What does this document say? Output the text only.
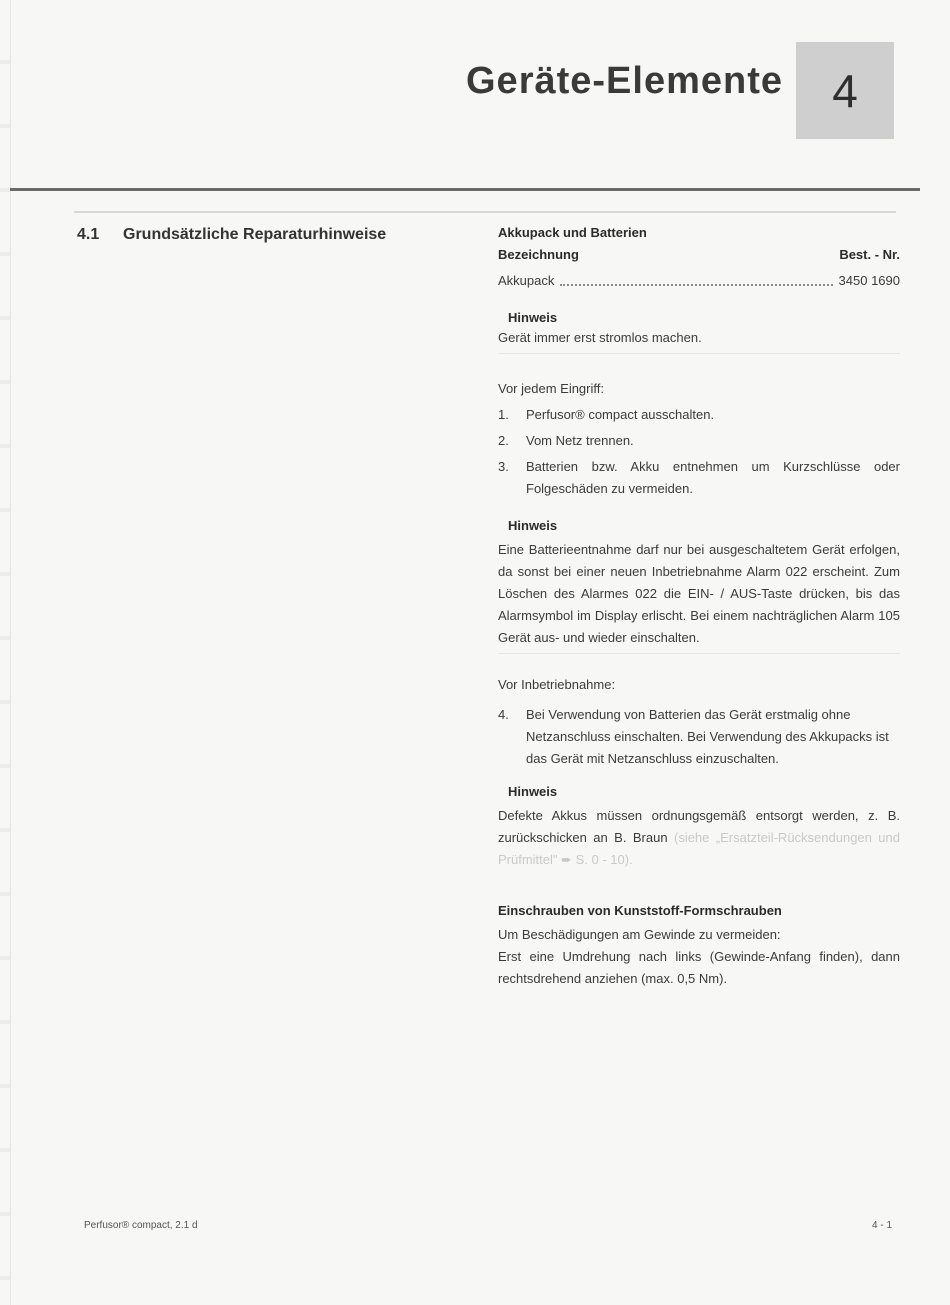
Geräte-Elemente	4
4.1 Grundsätzliche Reparaturhinweise	Akkupack und Batterien
Bezeichnung	Best. - Nr.
Akkupack	3450 1690
Hinweis
Gerät immer erst stromlos machen.
Vor jedem Eingriff:
1.	Perfusor® compact ausschalten.
2.	Vom Netz trennen.
3.	Batterien bzw. Akku entnehmen um Kurzschlüsse oder Folgeschäden zu vermeiden.
Hinweis
Eine Batterieentnahme darf nur bei ausgeschaltetem Gerät erfolgen, da sonst bei einer neuen Inbetriebnahme Alarm 022 erscheint. Zum Löschen des Alarmes 022 die EIN- / AUS-Taste drücken, bis das Alarmsymbol im Display erlischt. Bei einem nachträglichen Alarm 105 Gerät aus- und wieder einschalten.
Vor Inbetriebnahme:
4.	Bei Verwendung von Batterien das Gerät erstmalig ohne Netzanschluss einschalten. Bei Verwendung des Akkupacks ist das Gerät mit Netzanschluss einzuschalten.
Hinweis
Defekte Akkus müssen ordnungsgemäß entsorgt werden, z. B. zurückschicken an B. Braun (siehe „Ersatzteil-Rücksendungen und Prüfmittel" ➨ S. 0 - 10).
Einschrauben von Kunststoff-Formschrauben
Um Beschädigungen am Gewinde zu vermeiden:
Erst eine Umdrehung nach links (Gewinde-Anfang finden), dann rechtsdrehend anziehen (max. 0,5 Nm).
Perfusor® compact, 2.1 d	4 - 1
